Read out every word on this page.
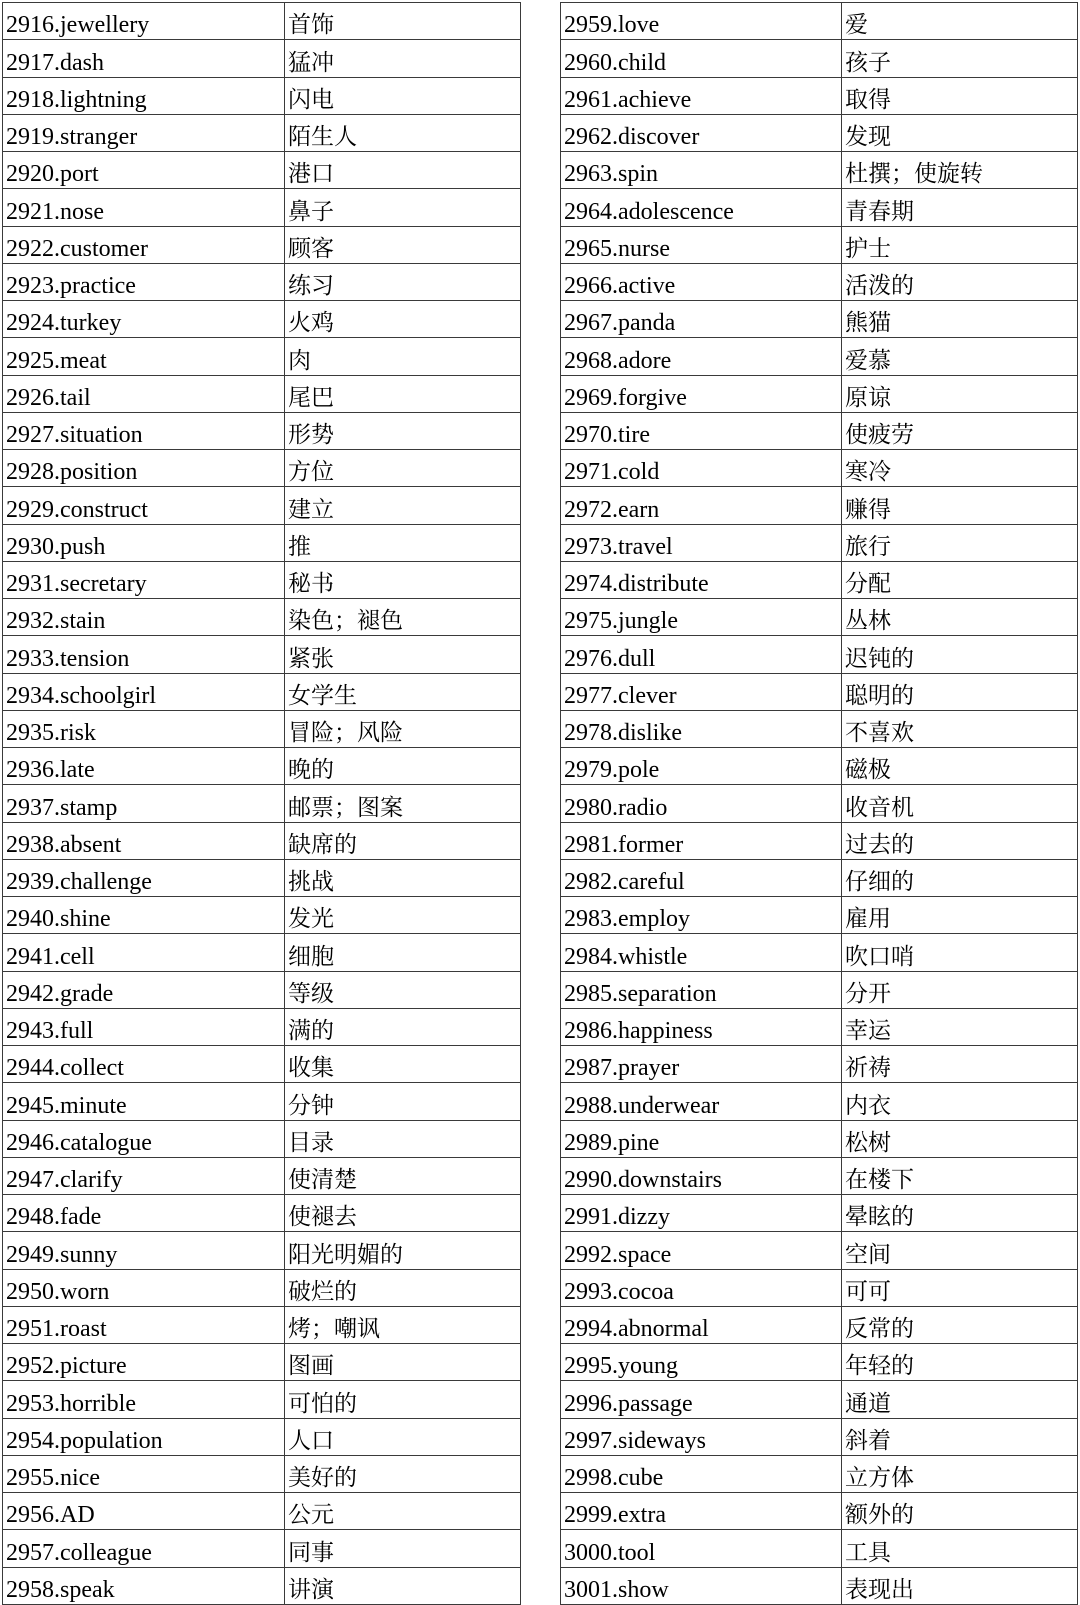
2916.jewellery	首饰
2917.dash	猛冲
2918.lightning	闪电
2919.stranger	陌生人
2920.port	港口
2921.nose	鼻子
2922.customer	顾客
2923.practice	练习
2924.turkey	火鸡
2925.meat	肉
2926.tail	尾巴
2927.situation	形势
2928.position	方位
2929.construct	建立
2930.push	推
2931.secretary	秘书
2932.stain	染色；褪色
2933.tension	紧张
2934.schoolgirl	女学生
2935.risk	冒险；风险
2936.late	晚的
2937.stamp	邮票；图案
2938.absent	缺席的
2939.challenge	挑战
2940.shine	发光
2941.cell	细胞
2942.grade	等级
2943.full	满的
2944.collect	收集
2945.minute	分钟
2946.catalogue	目录
2947.clarify	使清楚
2948.fade	使褪去
2949.sunny	阳光明媚的
2950.worn	破烂的
2951.roast	烤；嘲讽
2952.picture	图画
2953.horrible	可怕的
2954.population	人口
2955.nice	美好的
2956.AD	公元
2957.colleague	同事
2958.speak	讲演
2959.love	爱
2960.child	孩子
2961.achieve	取得
2962.discover	发现
2963.spin	杜撰；使旋转
2964.adolescence	青春期
2965.nurse	护士
2966.active	活泼的
2967.panda	熊猫
2968.adore	爱慕
2969.forgive	原谅
2970.tire	使疲劳
2971.cold	寒冷
2972.earn	赚得
2973.travel	旅行
2974.distribute	分配
2975.jungle	丛林
2976.dull	迟钝的
2977.clever	聪明的
2978.dislike	不喜欢
2979.pole	磁极
2980.radio	收音机
2981.former	过去的
2982.careful	仔细的
2983.employ	雇用
2984.whistle	吹口哨
2985.separation	分开
2986.happiness	幸运
2987.prayer	祈祷
2988.underwear	内衣
2989.pine	松树
2990.downstairs	在楼下
2991.dizzy	晕眩的
2992.space	空间
2993.cocoa	可可
2994.abnormal	反常的
2995.young	年轻的
2996.passage	通道
2997.sideways	斜着
2998.cube	立方体
2999.extra	额外的
3000.tool	工具
3001.show	表现出
